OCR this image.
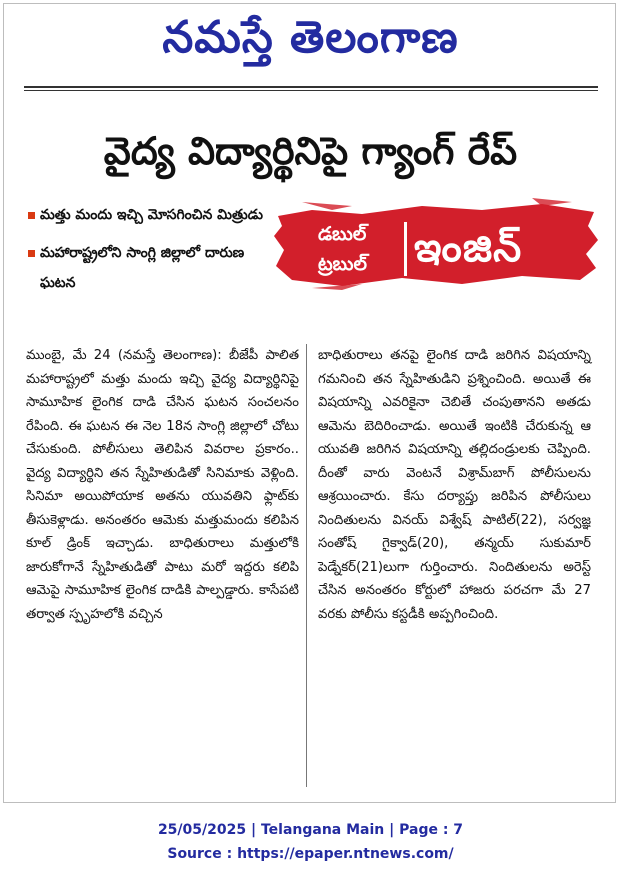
నమస్తే తెలంగాణ
వైద్య విద్యార్థినిపై గ్యాంగ్ రేప్
మత్తు మందు ఇచ్చి మోసగించిన మిత్రుడు
మహారాష్ట్రలోని సాంగ్లి జిల్లాలో దారుణ ఘటన
డబుల్
ట్రబుల్ ఇంజిన్

ముంబై, మే 24 (నమస్తే తెలంగాణ): బీజేపీ పాలిత మహారాష్ట్రలో మత్తు మందు ఇచ్చి వైద్య విద్యార్థినిపై సామూహిక లైంగిక దాడి చేసిన ఘటన సంచలనం రేపింది. ఈ ఘటన ఈ నెల 18న సాంగ్లి జిల్లాలో చోటు చేసుకుంది. పోలీసులు తెలిపిన వివరాల ప్రకారం.. వైద్య విద్యార్థిని తన స్నేహితుడితో సినిమాకు వెళ్లింది. సినిమా అయిపోయాక అతను యువతిని ఫ్లాట్‌కు తీసుకెళ్లాడు. అనంతరం ఆమెకు మత్తుమందు కలిపిన కూల్ డ్రింక్ ఇచ్చాడు. బాధితురాలు మత్తులోకి జారుకోగానే స్నేహితుడితో పాటు మరో ఇద్దరు కలిపి ఆమెపై సామూహిక లైంగిక దాడికి పాల్పడ్డారు. కాసేపటి తర్వాత స్పృహలోకి వచ్చిన

బాధితురాలు తనపై లైంగిక దాడి జరిగిన విషయాన్ని గమనించి తన స్నేహితుడిని ప్రశ్నించింది. అయితే ఈ విషయాన్ని ఎవరికైనా చెబితే చంపుతానని అతడు ఆమెను బెదిరించాడు. అయితే ఇంటికి చేరుకున్న ఆ యువతి జరిగిన విషయాన్ని తల్లిదండ్రులకు చెప్పింది. దీంతో వారు వెంటనే విశ్రామ్‌బాగ్ పోలీసులను ఆశ్రయించారు. కేసు దర్యాప్తు జరిపిన పోలీసులు నిందితులను వినయ్ విశ్వేష్ పాటిల్(22), సర్వజ్ఞ సంతోష్ గైక్వాడ్(20), తన్మయ్ సుకుమార్ పెడ్నేకర్(21)లుగా గుర్తించారు. నిందితులను అరెస్ట్ చేసిన అనంతరం కోర్టులో హాజరు పరచగా మే 27 వరకు పోలీసు కస్టడీకి అప్పగించింది.

25/05/2025 | Telangana Main | Page : 7
Source : https://epaper.ntnews.com/
